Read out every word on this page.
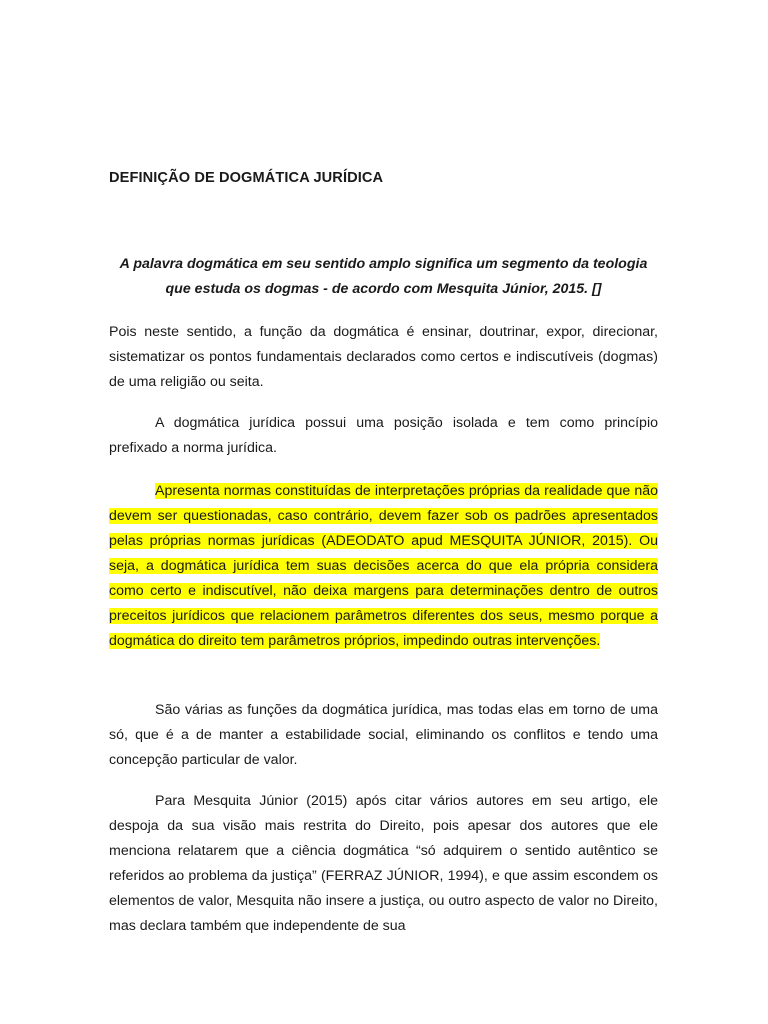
DEFINIÇÃO DE DOGMÁTICA JURÍDICA

A palavra dogmática em seu sentido amplo significa um segmento da teologia que estuda os dogmas - de acordo com Mesquita Júnior, 2015. []

Pois neste sentido, a função da dogmática é ensinar, doutrinar, expor, direcionar, sistematizar os pontos fundamentais declarados como certos e indiscutíveis (dogmas) de uma religião ou seita.

A dogmática jurídica possui uma posição isolada e tem como princípio prefixado a norma jurídica.

Apresenta normas constituídas de interpretações próprias da realidade que não devem ser questionadas, caso contrário, devem fazer sob os padrões apresentados pelas próprias normas jurídicas (ADEODATO apud MESQUITA JÚNIOR, 2015). Ou seja, a dogmática jurídica tem suas decisões acerca do que ela própria considera como certo e indiscutível, não deixa margens para determinações dentro de outros preceitos jurídicos que relacionem parâmetros diferentes dos seus, mesmo porque a dogmática do direito tem parâmetros próprios, impedindo outras intervenções.

São várias as funções da dogmática jurídica, mas todas elas em torno de uma só, que é a de manter a estabilidade social, eliminando os conflitos e tendo uma concepção particular de valor.

Para Mesquita Júnior (2015) após citar vários autores em seu artigo, ele despoja da sua visão mais restrita do Direito, pois apesar dos autores que ele menciona relatarem que a ciência dogmática “só adquirem o sentido autêntico se referidos ao problema da justiça” (FERRAZ JÚNIOR, 1994), e que assim escondem os elementos de valor, Mesquita não insere a justiça, ou outro aspecto de valor no Direito, mas declara também que independente de sua
